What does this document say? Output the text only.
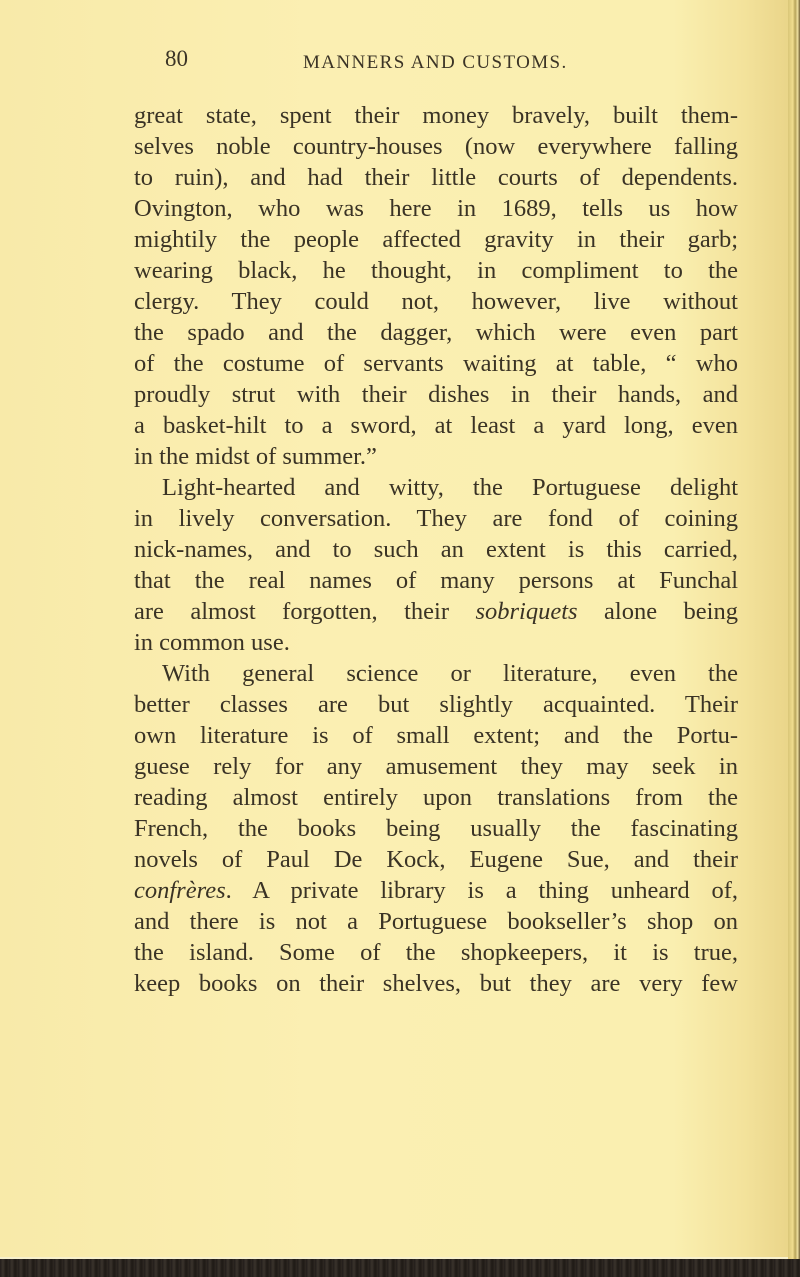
80	MANNERS AND CUSTOMS.
great state, spent their money bravely, built them-
selves noble country-houses (now everywhere falling
to ruin), and had their little courts of dependents.
Ovington, who was here in 1689, tells us how
mightily the people affected gravity in their garb;
wearing black, he thought, in compliment to the
clergy. They could not, however, live without
the spado and the dagger, which were even part
of the costume of servants waiting at table, “ who
proudly strut with their dishes in their hands, and
a basket-hilt to a sword, at least a yard long, even
in the midst of summer.”
Light-hearted and witty, the Portuguese delight
in lively conversation. They are fond of coining
nick-names, and to such an extent is this carried,
that the real names of many persons at Funchal
are almost forgotten, their sobriquets alone being
in common use.
With general science or literature, even the
better classes are but slightly acquainted. Their
own literature is of small extent; and the Portu-
guese rely for any amusement they may seek in
reading almost entirely upon translations from the
French, the books being usually the fascinating
novels of Paul De Kock, Eugene Sue, and their
confrères. A private library is a thing unheard of,
and there is not a Portuguese bookseller’s shop on
the island. Some of the shopkeepers, it is true,
keep books on their shelves, but they are very few
